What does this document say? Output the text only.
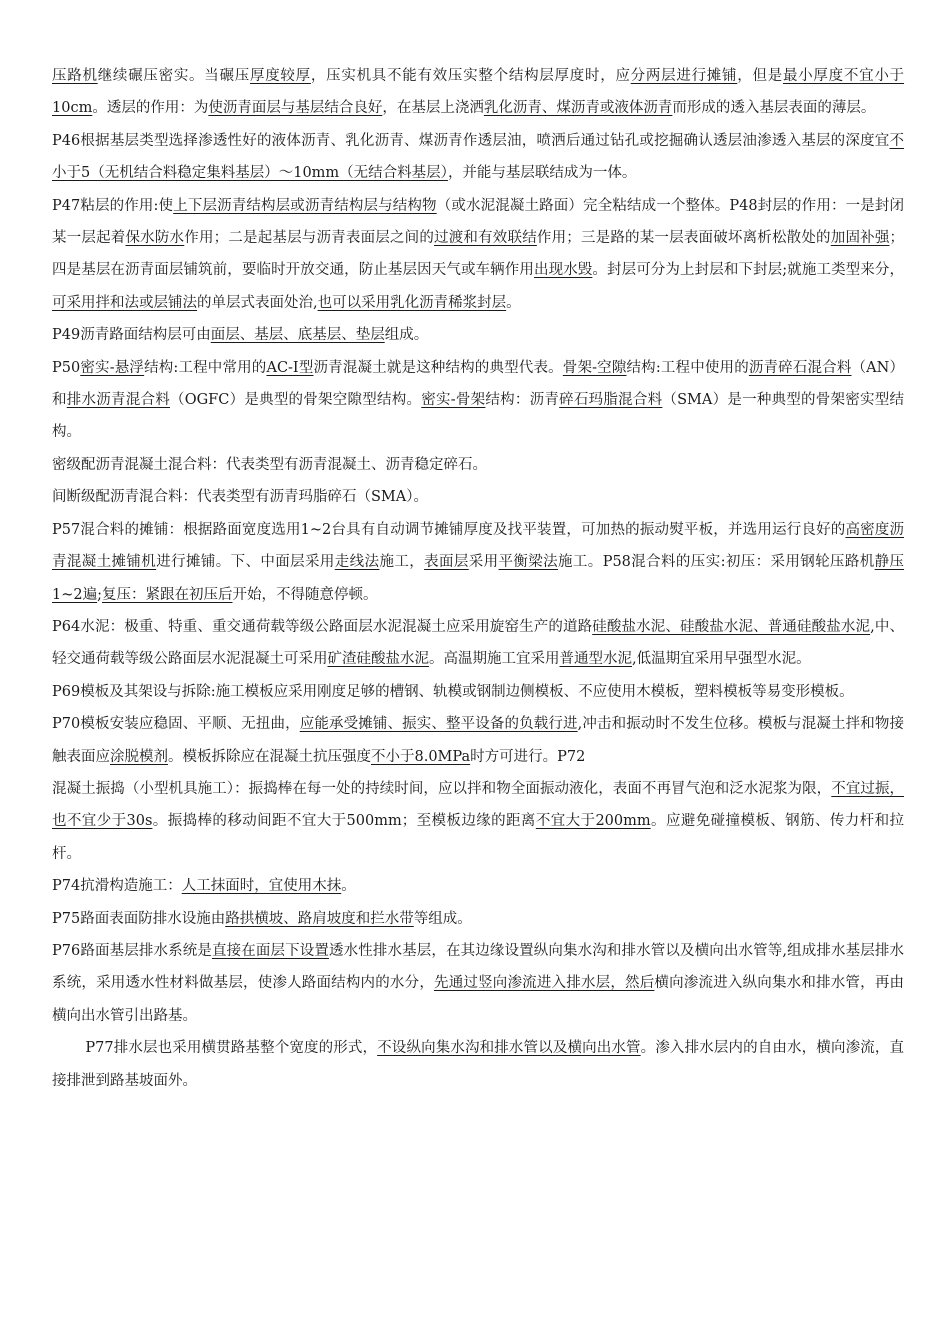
压路机继续碾压密实。当碾压厚度较厚，压实机具不能有效压实整个结构层厚度时，应分两层进行摊铺，但是最小厚度不宜小于10cm。透层的作用：为使沥青面层与基层结合良好，在基层上浇洒乳化沥青、煤沥青或液体沥青而形成的透入基层表面的薄层。

P46根据基层类型选择渗透性好的液体沥青、乳化沥青、煤沥青作透层油，喷洒后通过钻孔或挖掘确认透层油渗透入基层的深度宜不小于5（无机结合料稳定集料基层）～10mm（无结合料基层），并能与基层联结成为一体。

P47粘层的作用:使上下层沥青结构层或沥青结构层与结构物（或水泥混凝土路面）完全粘结成一个整体。P48封层的作用：一是封闭某一层起着保水防水作用；二是起基层与沥青表面层之间的过渡和有效联结作用；三是路的某一层表面破坏离析松散处的加固补强；四是基层在沥青面层铺筑前，要临时开放交通，防止基层因天气或车辆作用出现水毁。封层可分为上封层和下封层;就施工类型来分，可采用拌和法或层铺法的单层式表面处治,也可以采用乳化沥青稀浆封层。

P49沥青路面结构层可由面层、基层、底基层、垫层组成。

P50密实-悬浮结构:工程中常用的AC-I型沥青混凝土就是这种结构的典型代表。骨架-空隙结构:工程中使用的沥青碎石混合料（AN）和排水沥青混合料（OGFC）是典型的骨架空隙型结构。密实-骨架结构：沥青碎石玛脂混合料（SMA）是一种典型的骨架密实型结构。

密级配沥青混凝土混合料：代表类型有沥青混凝土、沥青稳定碎石。

间断级配沥青混合料：代表类型有沥青玛脂碎石（SMA）。

P57混合料的摊铺：根据路面宽度选用1~2台具有自动调节摊铺厚度及找平装置，可加热的振动熨平板，并选用运行良好的高密度沥青混凝土摊铺机进行摊铺。下、中面层采用走线法施工，表面层采用平衡梁法施工。P58混合料的压实:初压：采用钢轮压路机静压1~2遍;复压：紧跟在初压后开始，不得随意停顿。

P64水泥：极重、特重、重交通荷载等级公路面层水泥混凝土应采用旋窑生产的道路硅酸盐水泥、硅酸盐水泥、普通硅酸盐水泥,中、轻交通荷载等级公路面层水泥混凝土可采用矿渣硅酸盐水泥。高温期施工宜采用普通型水泥,低温期宜采用早强型水泥。

P69模板及其架设与拆除:施工模板应采用刚度足够的槽钢、轨模或钢制边侧模板、不应使用木模板，塑料模板等易变形模板。

P70模板安装应稳固、平顺、无扭曲，应能承受摊铺、振实、整平设备的负载行进,冲击和振动时不发生位移。模板与混凝土拌和物接触表面应涂脱模剂。模板拆除应在混凝土抗压强度不小于8.0MPa时方可进行。P72

混凝土振捣（小型机具施工）：振捣棒在每一处的持续时间，应以拌和物全面振动液化，表面不再冒气泡和泛水泥浆为限，不宜过振，也不宜少于30s。振捣棒的移动间距不宜大于500mm；至模板边缘的距离不宜大于200mm。应避免碰撞模板、钢筋、传力杆和拉杆。

P74抗滑构造施工：人工抹面时，宜使用木抹。

P75路面表面防排水设施由路拱横坡、路肩坡度和拦水带等组成。

P76路面基层排水系统是直接在面层下设置透水性排水基层，在其边缘设置纵向集水沟和排水管以及横向出水管等,组成排水基层排水系统，采用透水性材料做基层，使渗人路面结构内的水分，先通过竖向渗流进入排水层，然后横向渗流进入纵向集水和排水管，再由横向出水管引出路基。

P77排水层也采用横贯路基整个宽度的形式，不设纵向集水沟和排水管以及横向出水管。渗入排水层内的自由水，横向渗流，直接排泄到路基坡面外。
